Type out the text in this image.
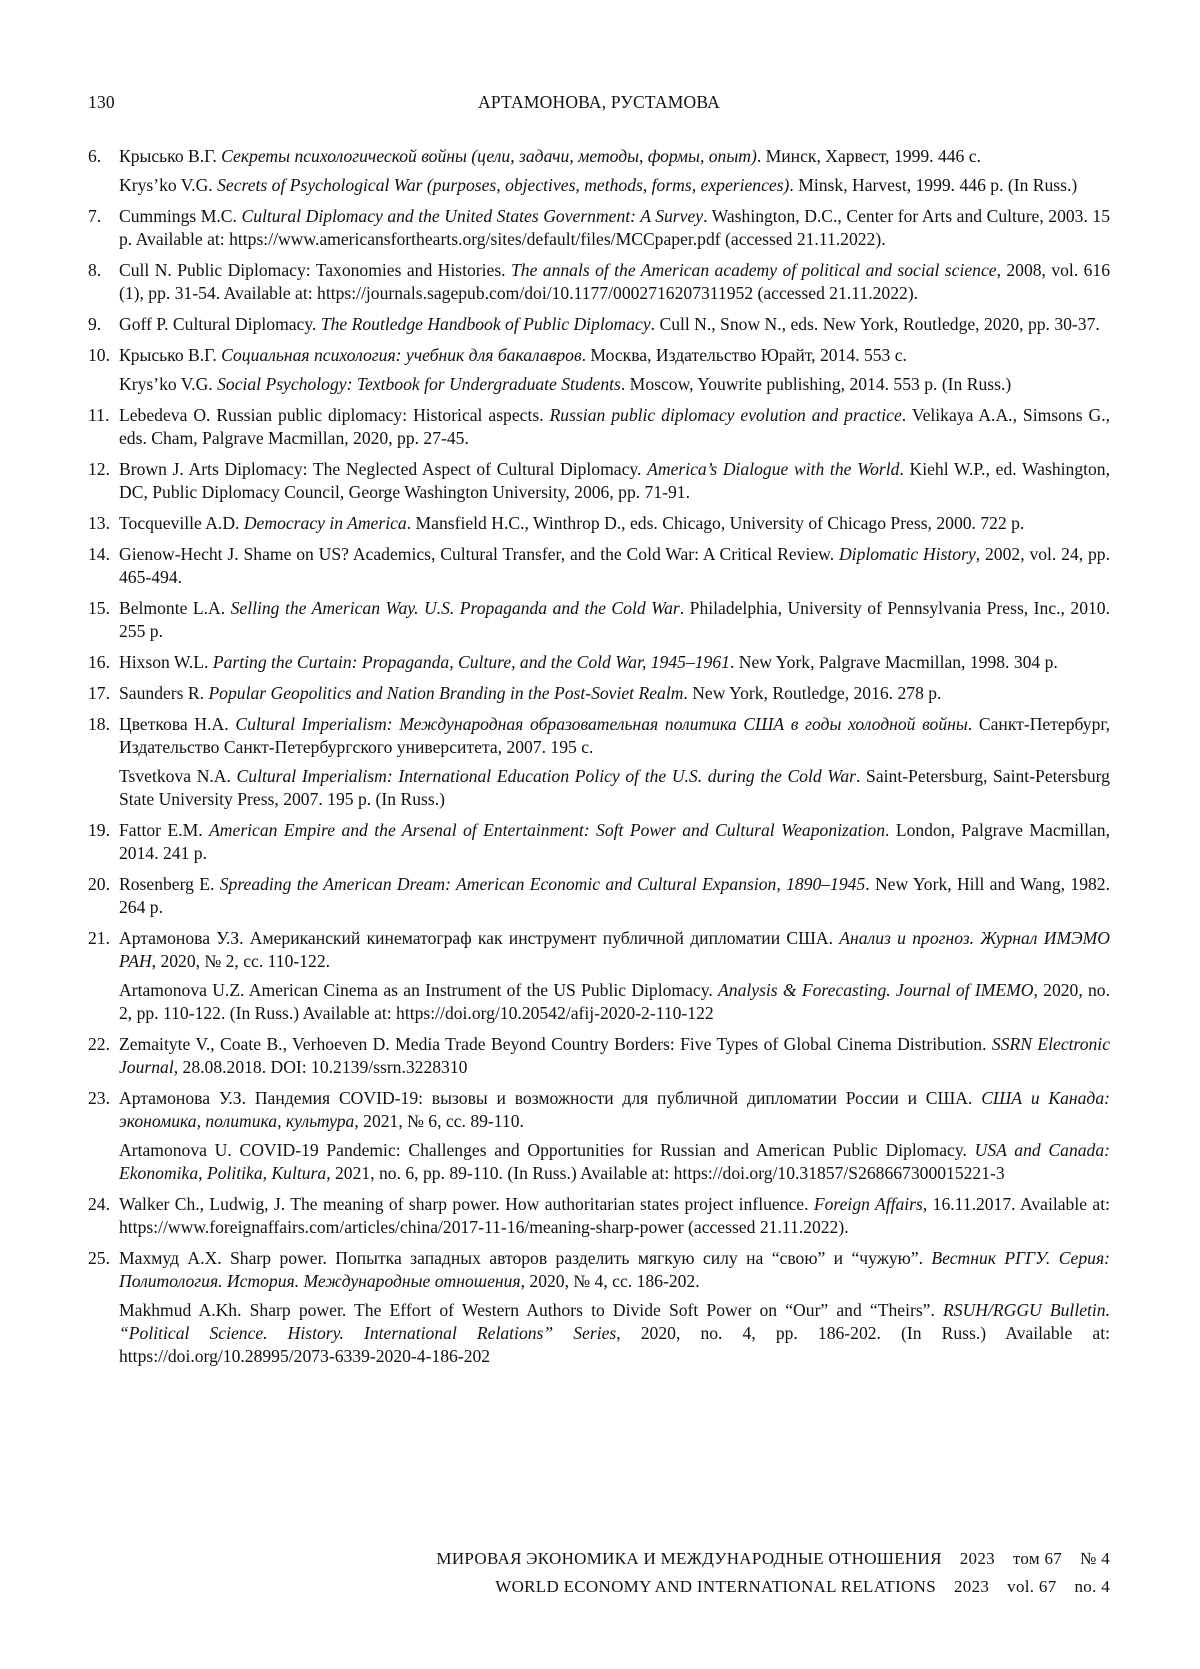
130	АРТАМОНОВА, РУСТАМОВА
6. Крысько В.Г. Секреты психологической войны (цели, задачи, методы, формы, опыт). Минск, Харвест, 1999. 446 с.

Krys’ko V.G. Secrets of Psychological War (purposes, objectives, methods, forms, experiences). Minsk, Harvest, 1999. 446 p. (In Russ.)

7. Cummings M.C. Cultural Diplomacy and the United States Government: A Survey. Washington, D.C., Center for Arts and Culture, 2003. 15 p. Available at: https://www.americansforthearts.org/sites/default/files/MCCpaper.pdf (accessed 21.11.2022).

8. Cull N. Public Diplomacy: Taxonomies and Histories. The annals of the American academy of political and social science, 2008, vol. 616 (1), pp. 31-54. Available at: https://journals.sagepub.com/doi/10.1177/0002716207311952 (accessed 21.11.2022).

9. Goff P. Cultural Diplomacy. The Routledge Handbook of Public Diplomacy. Cull N., Snow N., eds. New York, Routledge, 2020, pp. 30-37.

10. Крысько В.Г. Социальная психология: учебник для бакалавров. Москва, Издательство Юрайт, 2014. 553 с.

Krys’ko V.G. Social Psychology: Textbook for Undergraduate Students. Moscow, Youwrite publishing, 2014. 553 p. (In Russ.)

11. Lebedeva O. Russian public diplomacy: Historical aspects. Russian public diplomacy evolution and practice. Velikaya A.A., Simsons G., eds. Cham, Palgrave Macmillan, 2020, pp. 27-45.

12. Brown J. Arts Diplomacy: The Neglected Aspect of Cultural Diplomacy. America’s Dialogue with the World. Kiehl W.P., ed. Washington, DC, Public Diplomacy Council, George Washington University, 2006, pp. 71-91.

13. Tocqueville A.D. Democracy in America. Mansfield H.C., Winthrop D., eds. Chicago, University of Chicago Press, 2000. 722 p.

14. Gienow-Hecht J. Shame on US? Academics, Cultural Transfer, and the Cold War: A Critical Review. Diplomatic History, 2002, vol. 24, pp. 465-494.

15. Belmonte L.A. Selling the American Way. U.S. Propaganda and the Cold War. Philadelphia, University of Pennsylvania Press, Inc., 2010. 255 p.

16. Hixson W.L. Parting the Curtain: Propaganda, Culture, and the Cold War, 1945–1961. New York, Palgrave Macmillan, 1998. 304 p.

17. Saunders R. Popular Geopolitics and Nation Branding in the Post-Soviet Realm. New York, Routledge, 2016. 278 p.

18. Цветкова Н.А. Cultural Imperialism: Международная образовательная политика США в годы холодной войны. Санкт-Петербург, Издательство Санкт-Петербургского университета, 2007. 195 с.

Tsvetkova N.A. Cultural Imperialism: International Education Policy of the U.S. during the Cold War. Saint-Petersburg, Saint-Petersburg State University Press, 2007. 195 p. (In Russ.)

19. Fattor E.M. American Empire and the Arsenal of Entertainment: Soft Power and Cultural Weaponization. London, Palgrave Macmillan, 2014. 241 p.

20. Rosenberg E. Spreading the American Dream: American Economic and Cultural Expansion, 1890–1945. New York, Hill and Wang, 1982. 264 p.

21. Артамонова У.З. Американский кинематограф как инструмент публичной дипломатии США. Анализ и прогноз. Журнал ИМЭМО РАН, 2020, № 2, сс. 110-122.

Artamonova U.Z. American Cinema as an Instrument of the US Public Diplomacy. Analysis & Forecasting. Journal of IMEMO, 2020, no. 2, pp. 110-122. (In Russ.) Available at: https://doi.org/10.20542/afij-2020-2-110-122

22. Zemaityte V., Coate B., Verhoeven D. Media Trade Beyond Country Borders: Five Types of Global Cinema Distribution. SSRN Electronic Journal, 28.08.2018. DOI: 10.2139/ssrn.3228310

23. Артамонова У.З. Пандемия COVID-19: вызовы и возможности для публичной дипломатии России и США. США и Канада: экономика, политика, культура, 2021, № 6, сс. 89-110.

Artamonova U. COVID-19 Pandemic: Challenges and Opportunities for Russian and American Public Diplomacy. USA and Canada: Ekonomika, Politika, Kultura, 2021, no. 6, pp. 89-110. (In Russ.) Available at: https://doi.org/10.31857/S268667300015221-3

24. Walker Ch., Ludwig, J. The meaning of sharp power. How authoritarian states project influence. Foreign Affairs, 16.11.2017. Available at: https://www.foreignaffairs.com/articles/china/2017-11-16/meaning-sharp-power (accessed 21.11.2022).

25. Махмуд А.Х. Sharp power. Попытка западных авторов разделить мягкую силу на “свою” и “чужую”. Вестник РГГУ. Серия: Политология. История. Международные отношения, 2020, № 4, сс. 186-202.

Makhmud A.Kh. Sharp power. The Effort of Western Authors to Divide Soft Power on “Our” and “Theirs”. RSUH/RGGU Bulletin. “Political Science. History. International Relations” Series, 2020, no. 4, pp. 186-202. (In Russ.) Available at: https://doi.org/10.28995/2073-6339-2020-4-186-202

МИРОВАЯ ЭКОНОМИКА И МЕЖДУНАРОДНЫЕ ОТНОШЕНИЯ 2023 том 67 № 4
WORLD ECONOMY AND INTERNATIONAL RELATIONS 2023 vol. 67 no. 4
